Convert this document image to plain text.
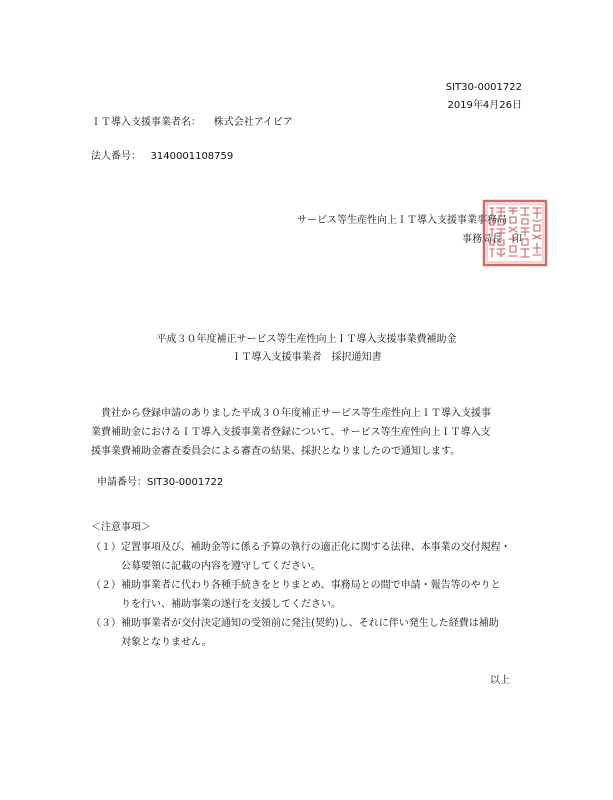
SIT30-0001722
2019年4月26日
ＩＴ導入支援事業者名： 株式会社アイピア
法人番号： 3140001108759
サービス等生産性向上ＩＴ導入支援事業事務局
事務局長　印
平成３０年度補正サービス等生産性向上ＩＴ導入支援事業費補助金
ＩＴ導入支援事業者　採択通知書
貴社から登録申請のありました平成３０年度補正サービス等生産性向上ＩＴ導入支援事
業費補助金におけるＩＴ導入支援事業者登録について、サービス等生産性向上ＩＴ導入支
援事業費補助金審査委員会による審査の結果、採択となりましたので通知します。
申請番号：SIT30-0001722
＜注意事項＞
（１）定置事項及び、補助金等に係る予算の執行の適正化に関する法律、本事業の交付規程・
公募要領に記載の内容を遵守してください。
（２）補助事業者に代わり各種手続きをとりまとめ、事務局との間で申請・報告等のやりと
りを行い、補助事業の遂行を支援してください。
（３）補助事業者が交付決定通知の受領前に発注(契約)し、それに伴い発生した経費は補助
対象となりません。
以上
